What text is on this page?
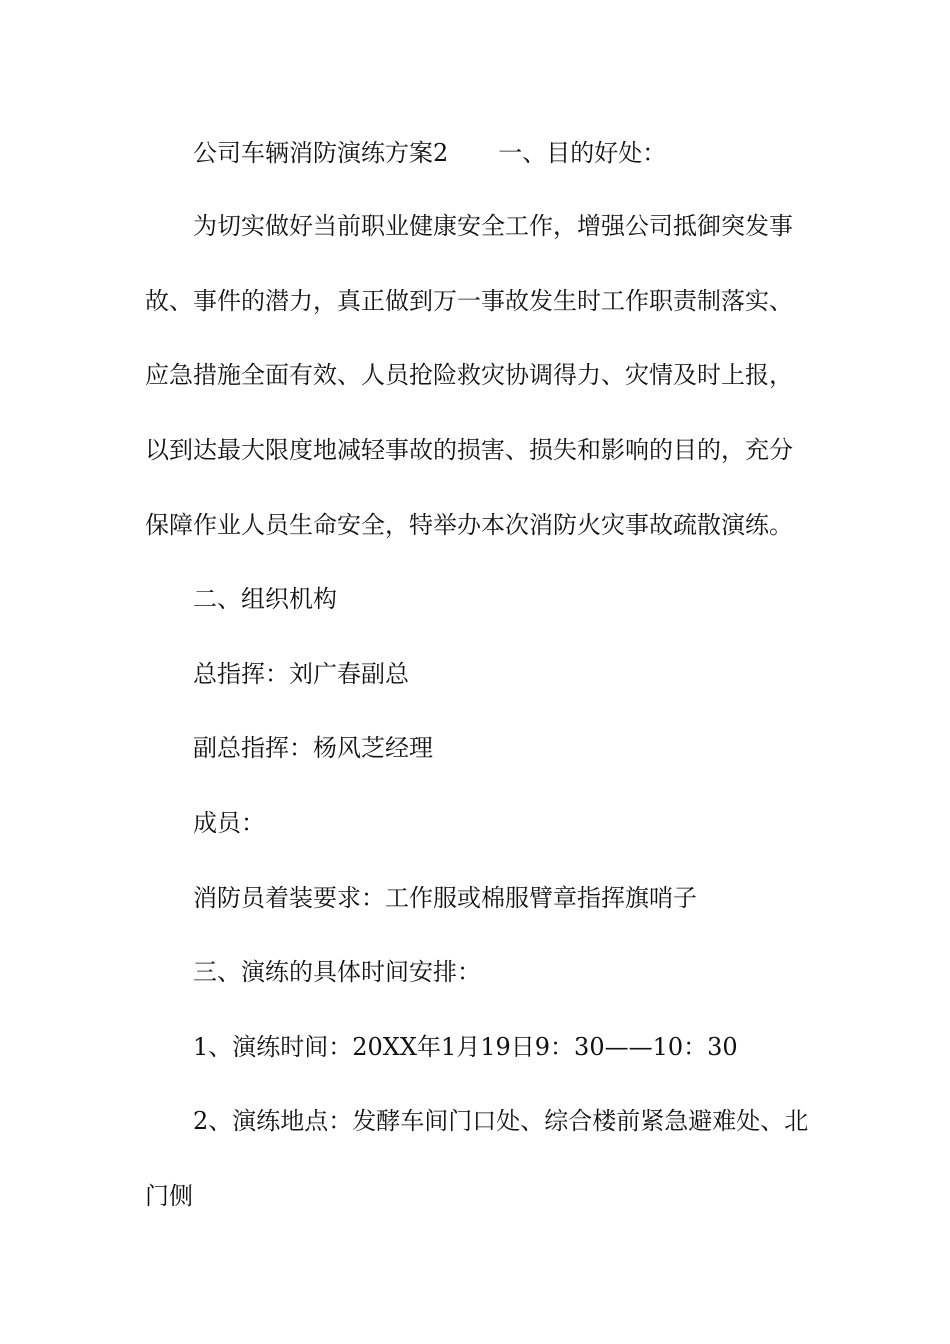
公司车辆消防演练方案2 一、目的好处：
为切实做好当前职业健康安全工作，增强公司抵御突发事
故、事件的潜力，真正做到万一事故发生时工作职责制落实、
应急措施全面有效、人员抢险救灾协调得力、灾情及时上报，
以到达最大限度地减轻事故的损害、损失和影响的目的，充分
保障作业人员生命安全，特举办本次消防火灾事故疏散演练。
二、组织机构
总指挥：刘广春副总
副总指挥：杨风芝经理
成员：
消防员着装要求：工作服或棉服臂章指挥旗哨子
三、演练的具体时间安排：
1、演练时间：20XX年1月19日9：30——10：30
2、演练地点：发酵车间门口处、综合楼前紧急避难处、北
门侧
